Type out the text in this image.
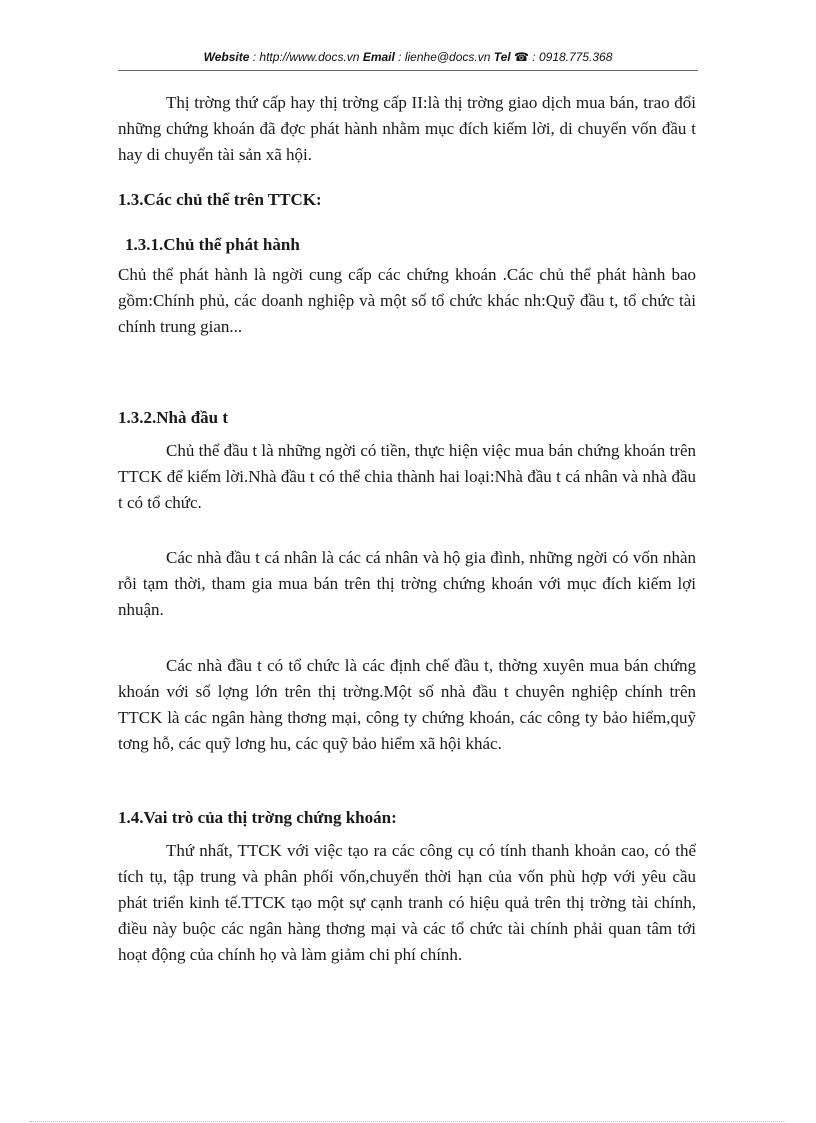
Website : http://www.docs.vn Email : lienhe@docs.vn Tel ☎ : 0918.775.368

Thị trờng thứ cấp hay thị trờng cấp II:là thị trờng giao dịch mua bán, trao đổi những chứng khoán đã đợc phát hành nhằm mục đích kiếm lời, di chuyển vốn đầu t hay di chuyển tài sản xã hội.

1.3.Các chủ thể trên TTCK:
1.3.1.Chủ thể phát hành

Chủ thể phát hành là ngời cung cấp các chứng khoán .Các chủ thể phát hành bao gồm:Chính phủ, các doanh nghiệp và một số tổ chức khác nh:Quỹ đầu t, tổ chức tài chính trung gian...

1.3.2.Nhà đầu t

Chủ thể đầu t là những ngời có tiền, thực hiện việc mua bán chứng khoán trên TTCK để kiếm lời.Nhà đầu t có thể chia thành hai loại:Nhà đầu t cá nhân và nhà đầu t có tổ chức.

Các nhà đầu t cá nhân là các cá nhân và hộ gia đình, những ngời có vốn nhàn rỗi tạm thời, tham gia mua bán trên thị trờng chứng khoán với mục đích kiếm lợi nhuận.

Các nhà đầu t có tổ chức là các định chế đầu t, thờng xuyên mua bán chứng khoán với số lợng lớn trên thị trờng.Một số nhà đầu t chuyên nghiệp chính trên TTCK là các ngân hàng thơng mại, công ty chứng khoán, các công ty bảo hiểm,quỹ tơng hỗ, các quỹ lơng hu, các quỹ bảo hiểm xã hội khác.

1.4.Vai trò của thị trờng chứng khoán:

Thứ nhất, TTCK với việc tạo ra các công cụ có tính thanh khoản cao, có thể tích tụ, tập trung và phân phối vốn,chuyển thời hạn của vốn phù hợp với yêu cầu phát triển kinh tế.TTCK tạo một sự cạnh tranh có hiệu quả trên thị trờng tài chính, điều này buộc các ngân hàng thơng mại và các tổ chức tài chính phải quan tâm tới hoạt động của chính họ và làm giảm chi phí chính.
